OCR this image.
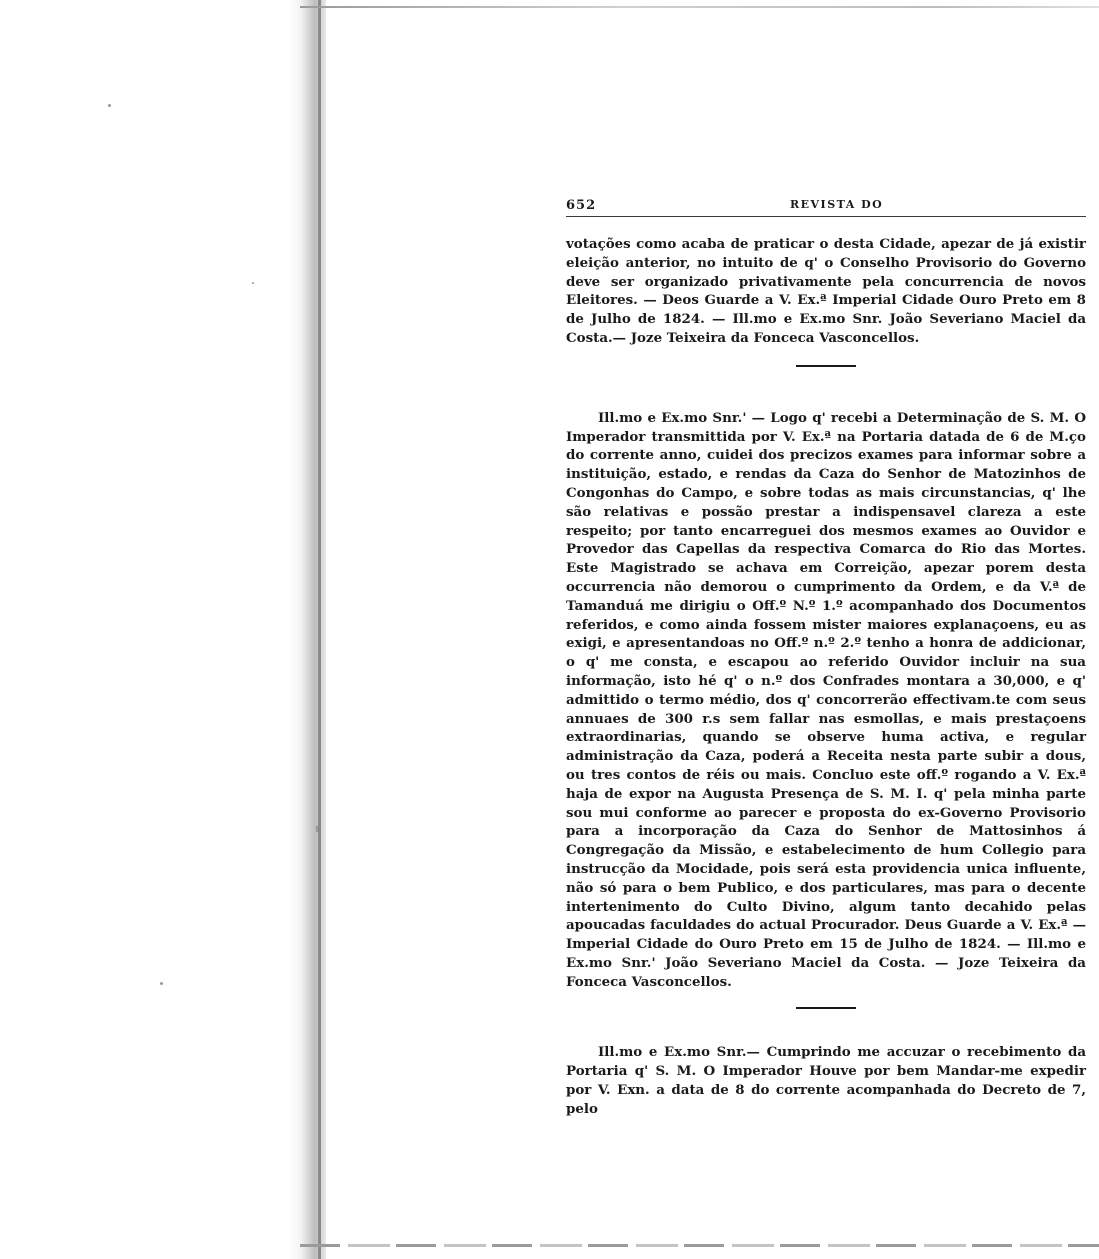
652	REVISTA DO

votações como acaba de praticar o desta Cidade, apezar de já existir eleição anterior, no intuito de q' o Conselho Provisorio do Governo deve ser organizado privativamente pela concurrencia de novos Eleitores. — Deos Guarde a V. Ex.ª Imperial Cidade Ouro Preto em 8 de Julho de 1824. — Ill.mo e Ex.mo Snr. João Severiano Maciel da Costa.— Joze Teixeira da Fonceca Vasconcellos.

Ill.mo e Ex.mo Snr.' — Logo q' recebi a Determinação de S. M. O Imperador transmittida por V. Ex.ª na Portaria datada de 6 de M.ço do corrente anno, cuidei dos precizos exames para informar sobre a instituição, estado, e rendas da Caza do Senhor de Matozinhos de Congonhas do Campo, e sobre todas as mais circunstancias, q' lhe são relativas e possão prestar a indispensavel clareza a este respeito; por tanto encarreguei dos mesmos exames ao Ouvidor e Provedor das Capellas da respectiva Comarca do Rio das Mortes. Este Magistrado se achava em Correição, apezar porem desta occurrencia não demorou o cumprimento da Ordem, e da V.ª de Tamanduá me dirigiu o Off.º N.º 1.º acompanhado dos Documentos referidos, e como ainda fossem mister maiores explanaçoens, eu as exigi, e apresentandoas no Off.º n.º 2.º tenho a honra de addicionar, o q' me consta, e escapou ao referido Ouvidor incluir na sua informação, isto hé q' o n.º dos Confrades montara a 30,000, e q' admittido o termo médio, dos q' concorrerão effectivam.te com seus annuaes de 300 r.s sem fallar nas esmollas, e mais prestaçoens extraordinarias, quando se observe huma activa, e regular administração da Caza, poderá a Receita nesta parte subir a dous, ou tres contos de réis ou mais. Concluo este off.º rogando a V. Ex.ª haja de expor na Augusta Presença de S. M. I. q' pela minha parte sou mui conforme ao parecer e proposta do ex-Governo Provisorio para a incorporação da Caza do Senhor de Mattosinhos á Congregação da Missão, e estabelecimento de hum Collegio para instrucção da Mocidade, pois será esta providencia unica influente, não só para o bem Publico, e dos particulares, mas para o decente intertenimento do Culto Divino, algum tanto decahido pelas apoucadas faculdades do actual Procurador. Deus Guarde a V. Ex.ª — Imperial Cidade do Ouro Preto em 15 de Julho de 1824. — Ill.mo e Ex.mo Snr.' João Severiano Maciel da Costa. — Joze Teixeira da Fonceca Vasconcellos.

Ill.mo e Ex.mo Snr.— Cumprindo me accuzar o recebimento da Portaria q' S. M. O Imperador Houve por bem Mandar-me expedir por V. Exn. a data de 8 do corrente acompanhada do Decreto de 7, pelo
